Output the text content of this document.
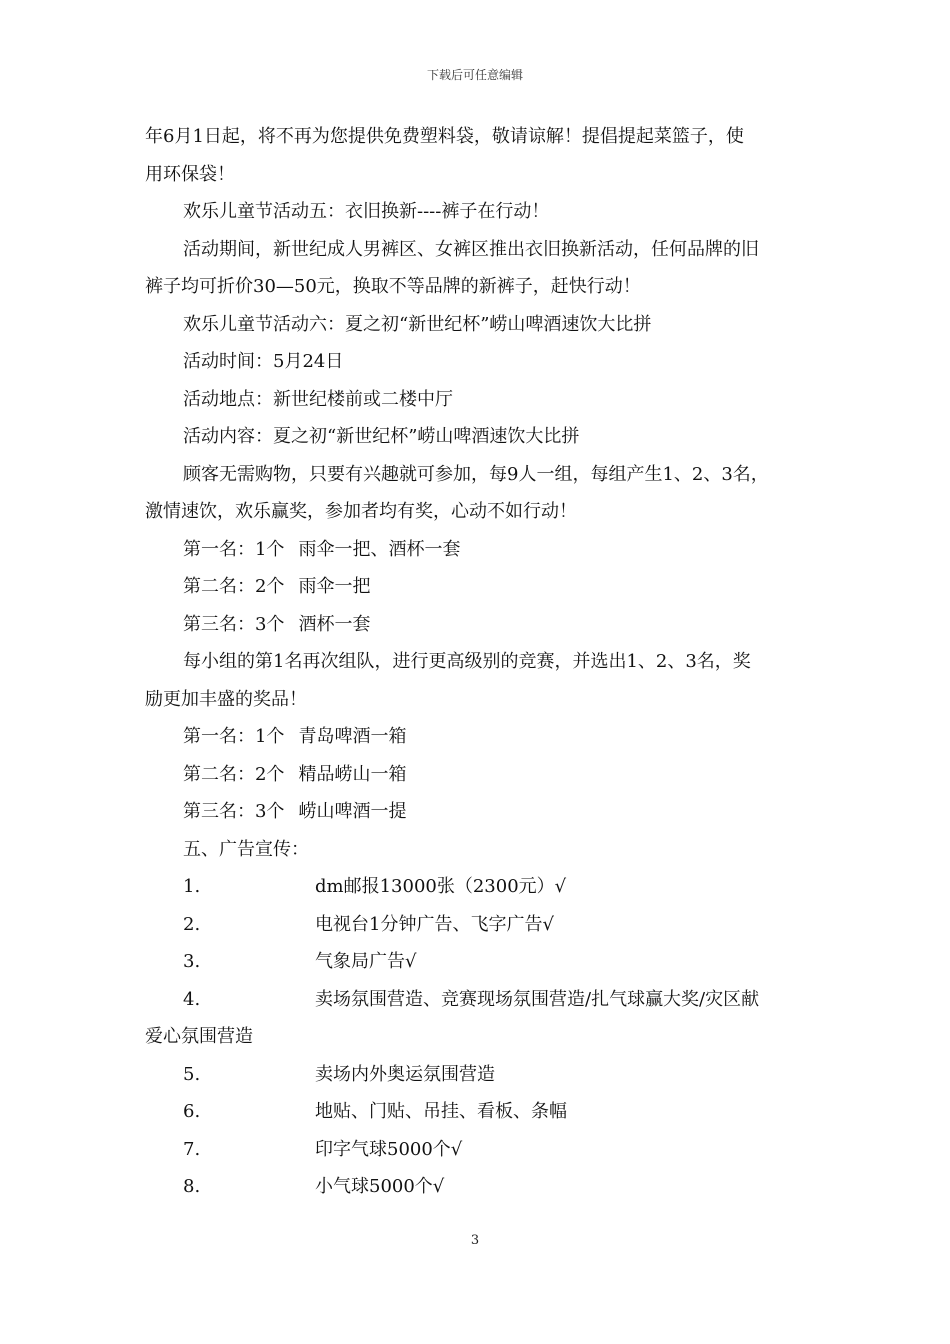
下载后可任意编辑
年6月1日起，将不再为您提供免费塑料袋，敬请谅解！提倡提起菜篮子，使
用环保袋！
欢乐儿童节活动五：衣旧换新----裤子在行动！
活动期间，新世纪成人男裤区、女裤区推出衣旧换新活动，任何品牌的旧
裤子均可折价30—50元，换取不等品牌的新裤子，赶快行动！
欢乐儿童节活动六：夏之初“新世纪杯”崂山啤酒速饮大比拼
活动时间：5月24日
活动地点：新世纪楼前或二楼中厅
活动内容：夏之初“新世纪杯”崂山啤酒速饮大比拼
顾客无需购物，只要有兴趣就可参加，每9人一组，每组产生1、2、3名，
激情速饮，欢乐赢奖，参加者均有奖，心动不如行动！
第一名：1个 雨伞一把、酒杯一套
第二名：2个 雨伞一把
第三名：3个 酒杯一套
每小组的第1名再次组队，进行更高级别的竞赛，并选出1、2、3名，奖
励更加丰盛的奖品！
第一名：1个 青岛啤酒一箱
第二名：2个 精品崂山一箱
第三名：3个 崂山啤酒一提
五、广告宣传：
1.	dm邮报13000张（2300元）√
2.	电视台1分钟广告、飞字广告√
3.	气象局广告√
4.	卖场氛围营造、竞赛现场氛围营造/扎气球赢大奖/灾区献
爱心氛围营造
5.	卖场内外奥运氛围营造
6.	地贴、门贴、吊挂、看板、条幅
7.	印字气球5000个√
8.	小气球5000个√
3
